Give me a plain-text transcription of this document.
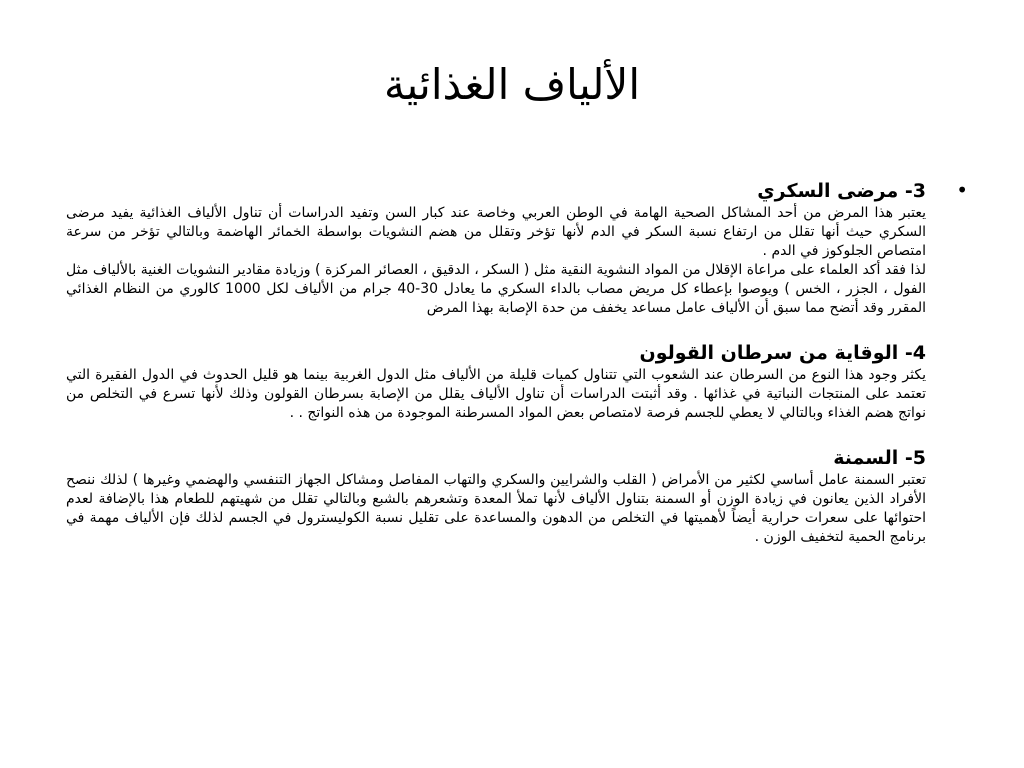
الألياف الغذائية
•

3- مرضى السكري

يعتبر هذا المرض من أحد المشاكل الصحية الهامة في الوطن العربي وخاصة عند كبار السن وتفيد الدراسات أن تناول الألياف الغذائية يفيد مرضى السكري حيث أنها تقلل من ارتفاع نسبة السكر في الدم لأنها تؤخر وتقلل من هضم النشويات بواسطة الخمائر الهاضمة وبالتالي تؤخر من سرعة امتصاص الجلوكوز في الدم .

لذا فقد أكد العلماء على مراعاة الإقلال من المواد النشوية النقية مثل ( السكر ، الدقيق ، العصائر المركزة ) وزيادة مقادير النشويات الغنية بالألياف مثل الفول ، الجزر ، الخس ) ويوصوا بإعطاء كل مريض مصاب بالداء السكري ما يعادل 30-40 جرام من الألياف لكل 1000 كالوري من النظام الغذائي المقرر وقد أتضح مما سبق أن الألياف عامل مساعد يخفف من حدة الإصابة بهذا المرض

4- الوقاية من سرطان القولون

يكثر وجود هذا النوع من السرطان عند الشعوب التي تتناول كميات قليلة من الألياف مثل الدول الغربية بينما هو قليل الحدوث في الدول الفقيرة التي تعتمد على المنتجات النباتية في غذائها . وقد أثبتت الدراسات أن تناول الألياف يقلل من الإصابة بسرطان القولون وذلك لأنها تسرع في التخلص من نواتج هضم الغذاء وبالتالي لا يعطي للجسم فرصة لامتصاص بعض المواد المسرطنة الموجودة من هذه النواتج . .

5- السمنة

تعتبر السمنة عامل أساسي لكثير من الأمراض ( القلب والشرايين والسكري والتهاب المفاصل ومشاكل الجهاز التنفسي والهضمي وغيرها ) لذلك ننصح الأفراد الذين يعانون في زيادة الوزن أو السمنة بتناول الألياف لأنها تملأ المعدة وتشعرهم بالشبع وبالتالي تقلل من شهيتهم للطعام هذا بالإضافة لعدم احتوائها على سعرات حرارية أيضاً لأهميتها في التخلص من الدهون والمساعدة على تقليل نسبة الكوليسترول في الجسم لذلك فإن الألياف مهمة في برنامج الحمية لتخفيف الوزن .
